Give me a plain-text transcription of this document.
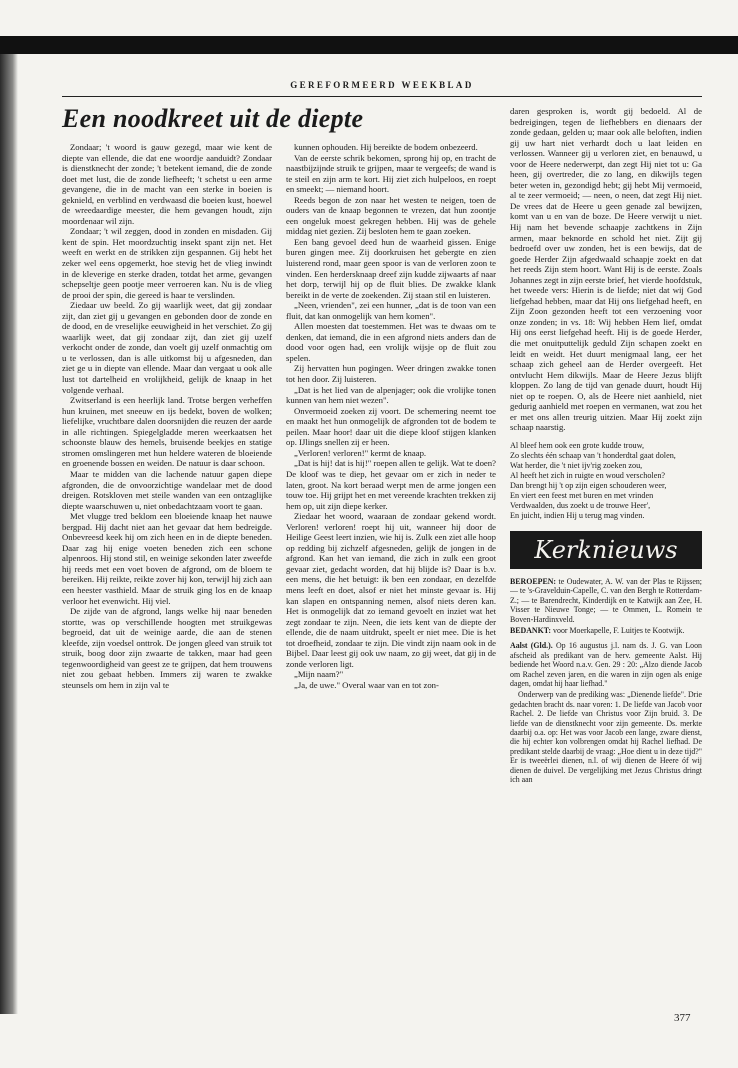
GEREFORMEERD WEEKBLAD
Een noodkreet uit de diepte

Zondaar; 't woord is gauw gezegd, maar wie kent de diepte van ellende, die dat ene woordje aanduidt? Zondaar is dienstknecht der zonde; 't betekent iemand, die de zonde doet met lust, die de zonde liefheeft; 't schetst u een arme gevangene, die in de macht van een sterke in boeien is geknield, en verblind en verdwaasd die boeien kust, hoewel de wreedaardige meester, die hem gevangen houdt, zijn moordenaar wil zijn.

Zondaar; 't wil zeggen, dood in zonden en misdaden. Gij kent de spin. Het moordzuchtig insekt spant zijn net. Het weeft en werkt en de strikken zijn gespannen. Gij hebt het zeker wel eens opgemerkt, hoe stevig het de vlieg inwindt in de kleverige en sterke draden, totdat het arme, gevangen schepseltje geen pootje meer verroeren kan. Nu is de vlieg de prooi der spin, die gereed is haar te verslinden.

Ziedaar uw beeld. Zo gij waarlijk weet, dat gij zondaar zijt, dan ziet gij u gevangen en gebonden door de zonde en de dood, en de vreselijke eeuwigheid in het verschiet. Zo gij waarlijk weet, dat gij zondaar zijt, dan ziet gij uzelf verkocht onder de zonde, dan voelt gij uzelf onmachtig om u te verlossen, dan is alle uitkomst bij u afgesneden, dan ziet ge u in diepte van ellende. Maar dan vergaat u ook alle lust tot dartelheid en vrolijkheid, gelijk de knaap in het volgende verhaal.

Zwitserland is een heerlijk land. Trotse bergen verheffen hun kruinen, met sneeuw en ijs bedekt, boven de wolken; liefelijke, vruchtbare dalen doorsnijden die reuzen der aarde in alle richtingen. Spiegelgladde meren weerkaatsen het schoonste blauw des hemels, bruisende beekjes en statige stromen omslingeren met hun heldere wateren de bloeiende en groenende bossen en weiden. De natuur is daar schoon.

Maar te midden van die lachende natuur gapen diepe afgronden, die de onvoorzichtige wandelaar met de dood dreigen. Rotskloven met steile wanden van een ontzaglijke diepte waarschuwen u, niet onbedachtzaam voort te gaan.

Met vlugge tred beklom een bloeiende knaap het nauwe bergpad. Hij dacht niet aan het gevaar dat hem bedreigde. Onbevreesd keek hij om zich heen en in de diepte beneden. Daar zag hij enige voeten beneden zich een schone alpenroos. Hij stond stil, en weinige sekonden later zweefde hij reeds met een voet boven de afgrond, om de bloem te bereiken. Hij reikte, reikte zover hij kon, terwijl hij zich aan een heester vasthield. Maar de struik ging los en de knaap verloor het evenwicht. Hij viel.

De zijde van de afgrond, langs welke hij naar beneden stortte, was op verschillende hoogten met struikgewas begroeid, dat uit de weinige aarde, die aan de stenen kleefde, zijn voedsel onttrok. De jongen gleed van struik tot struik, boog door zijn zwaarte de takken, maar had geen tegenwoordigheid van geest ze te grijpen, dat hem trouwens niet zou gebaat hebben. Immers zij waren te zwakke steunsels om hem in zijn val te

kunnen ophouden. Hij bereikte de bodem onbezeerd.

Van de eerste schrik bekomen, sprong hij op, en tracht de naastbijzijnde struik te grijpen, maar te vergeefs; de wand is te steil en zijn arm te kort. Hij ziet zich hulpeloos, en roept en smeekt; — niemand hoort.

Reeds begon de zon naar het westen te neigen, toen de ouders van de knaap begonnen te vrezen, dat hun zoontje een ongeluk moest gekregen hebben. Hij was de gehele middag niet gezien. Zij besloten hem te gaan zoeken.

Een bang gevoel deed hun de waarheid gissen. Enige buren gingen mee. Zij doorkruisen het gebergte en zien luisterend rond, maar geen spoor is van de verloren zoon te vinden. Een herdersknaap dreef zijn kudde zijwaarts af naar het dorp, terwijl hij op de fluit blies. De zwakke klank bereikt in de verte de zoekenden. Zij staan stil en luisteren.

„Neen, vrienden", zei een hunner, „dat is de toon van een fluit, dat kan onmogelijk van hem komen".

Allen moesten dat toestemmen. Het was te dwaas om te denken, dat iemand, die in een afgrond niets anders dan de dood voor ogen had, een vrolijk wijsje op de fluit zou spelen.

Zij hervatten hun pogingen. Weer dringen zwakke tonen tot hen door. Zij luisteren.

„Dat is het lied van de alpenjager; ook die vrolijke tonen kunnen van hem niet wezen".

Onvermoeid zoeken zij voort. De schemering neemt toe en maakt het hun onmogelijk de afgronden tot de bodem te peilen. Maar hoor! daar uit die diepe kloof stijgen klanken op. IJlings snellen zij er heen.

„Verloren! verloren!" kermt de knaap.

„Dat is hij! dat is hij!" roepen allen te gelijk. Wat te doen? De kloof was te diep, het gevaar om er zich in neder te laten, groot. Na kort beraad werpt men de arme jongen een touw toe. Hij grijpt het en met vereende krachten trekken zij hem op, uit zijn diepe kerker.

Ziedaar het woord, waaraan de zondaar gekend wordt. Verloren! verloren! roept hij uit, wanneer hij door de Heilige Geest leert inzien, wie hij is. Zulk een ziet alle hoop op redding bij zichzelf afgesneden, gelijk de jongen in de afgrond. Kan het van iemand, die zich in zulk een groot gevaar ziet, gedacht worden, dat hij blijde is? Daar is b.v. een mens, die het betuigt: ik ben een zondaar, en dezelfde mens leeft en doet, alsof er niet het minste gevaar is. Hij kan slapen en ontspanning nemen, alsof niets deren kan. Het is onmogelijk dat zo iemand gevoelt en inziet wat het zegt zondaar te zijn. Neen, die iets kent van de diepte der ellende, die de naam uitdrukt, speelt er niet mee. Die is het tot droefheid, zondaar te zijn. Die vindt zijn naam ook in de Bijbel. Daar leest gij ook uw naam, zo gij weet, dat gij in de zonde verloren ligt.

„Mijn naam?"

„Ja, de uwe." Overal waar van en tot zon-

daren gesproken is, wordt gij bedoeld. Al de bedreigingen, tegen de liefhebbers en dienaars der zonde gedaan, gelden u; maar ook alle beloften, indien gij uw hart niet verhardt doch u laat leiden en verlossen. Wanneer gij u verloren ziet, en benauwd, u voor de Heere nederwerpt, dan zegt Hij niet tot u: Ga heen, gij overtreder, die zo lang, en dikwijls tegen beter weten in, gezondigd hebt; gij hebt Mij vermoeid, al te zeer vermoeid; — neen, o neen, dat zegt Hij niet. De vrees dat de Heere u geen genade zal bewijzen, komt van u en van de boze. De Heere verwijt u niet. Hij nam het bevende schaapje zachtkens in Zijn armen, maar beknorde en schold het niet. Zijt gij bedroefd over uw zonden, het is een bewijs, dat de goede Herder Zijn afgedwaald schaapje zoekt en dat het reeds Zijn stem hoort. Want Hij is de eerste. Zoals Johannes zegt in zijn eerste brief, het vierde hoofdstuk, het tweede vers: Hierin is de liefde; niet dat wij God liefgehad hebben, maar dat Hij ons liefgehad heeft, en Zijn Zoon gezonden heeft tot een verzoening voor onze zonden; in vs. 18: Wij hebben Hem lief, omdat Hij ons eerst liefgehad heeft. Hij is de goede Herder, die met onuitputtelijk geduld Zijn schapen zoekt en leidt en weidt. Het duurt menigmaal lang, eer het schaap zich geheel aan de Herder overgeeft. Het ontvlucht Hem dikwijls. Maar de Heere Jezus blijft kloppen. Zo lang de tijd van genade duurt, houdt Hij niet op te roepen. O, als de Heere niet aanhield, niet gedurig aanhield met roepen en vermanen, wat zou het er met ons allen treurig uitzien. Maar Hij zoekt zijn schaap naarstig.

Al bleef hem ook een grote kudde trouw,
Zo slechts één schaap van 't honderdtal gaat dolen,
Wat herder, die 't niet ijv'rig zoeken zou,
Al heeft het zich in ruigte en woud verscholen?
Dan brengt hij 't op zijn eigen schouderen weer,
En viert een feest met buren en met vrinden
Verdwaalden, dus zoekt u de trouwe Heer',
En juicht, indien Hij u terug mag vinden.
Kerknieuws

BEROEPEN: te Oudewater, A. W. van der Plas te Rijssen; — te 's-Gravelduin-Capelle, C. van den Bergh te Rotterdam-Z.; — te Barendrecht, Kinderdijk en te Katwijk aan Zee, H. Visser te Nieuwe Tonge; — te Ommen, L. Romein te Boven-Hardinxveld.

BEDANKT: voor Moerkapelle, F. Luitjes te Kootwijk.

Aalst (Gld.). Op 16 augustus j.l. nam ds. J. G. van Loon afscheid als predikant van de herv. gemeente Aalst. Hij bediende het Woord n.a.v. Gen. 29 : 20: „Alzo diende Jacob om Rachel zeven jaren, en die waren in zijn ogen als enige dagen, omdat hij haar liefhad."

Onderwerp van de prediking was: „Dienende liefde". Drie gedachten bracht ds. naar voren: 1. De liefde van Jacob voor Rachel. 2. De liefde van Christus voor Zijn bruid. 3. De liefde van de dienstknecht voor zijn gemeente. Ds. merkte daarbij o.a. op: Het was voor Jacob een lange, zware dienst, die hij echter kon volbrengen omdat hij Rachel liefhad. De predikant stelde daarbij de vraag: „Hoe dient u in deze tijd?" Er is tweeërlei dienen, n.l. of wij dienen de Heere óf wij dienen de duivel. De vergelijking met Jezus Christus dringt ich aan

377
